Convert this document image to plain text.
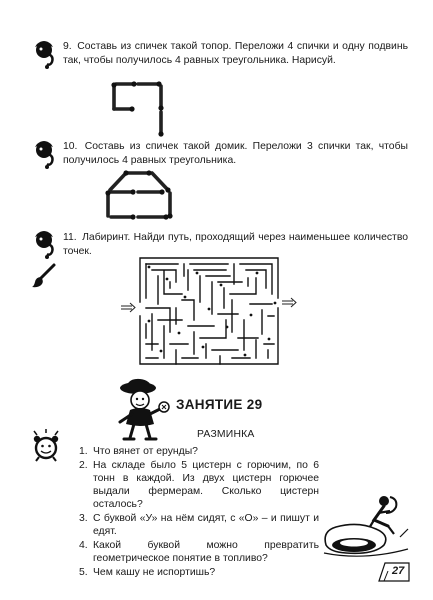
9. Составь из спичек такой топор. Переложи 4 спички и одну подвинь так, чтобы получилось 4 равных треугольника. Нарисуй.
10. Составь из спичек такой домик. Переложи 3 спички так, чтобы получилось 4 равных треугольника.
11. Лабиринт. Найди путь, проходящий через наименьшее количество точек.
ЗАНЯТИЕ 29
РАЗМИНКА
1. Что вянет от ерунды?
2. На складе было 5 цистерн с горючим, по 6 тонн в каждой. Из двух цистерн горючее выдали фермерам. Сколько цистерн осталось?
3. С буквой «У» на нём сидят, с «О» – и пишут и едят.
4. Какой буквой можно превратить геометрическое понятие в топливо?
5. Чем кашу не испортишь?	27
